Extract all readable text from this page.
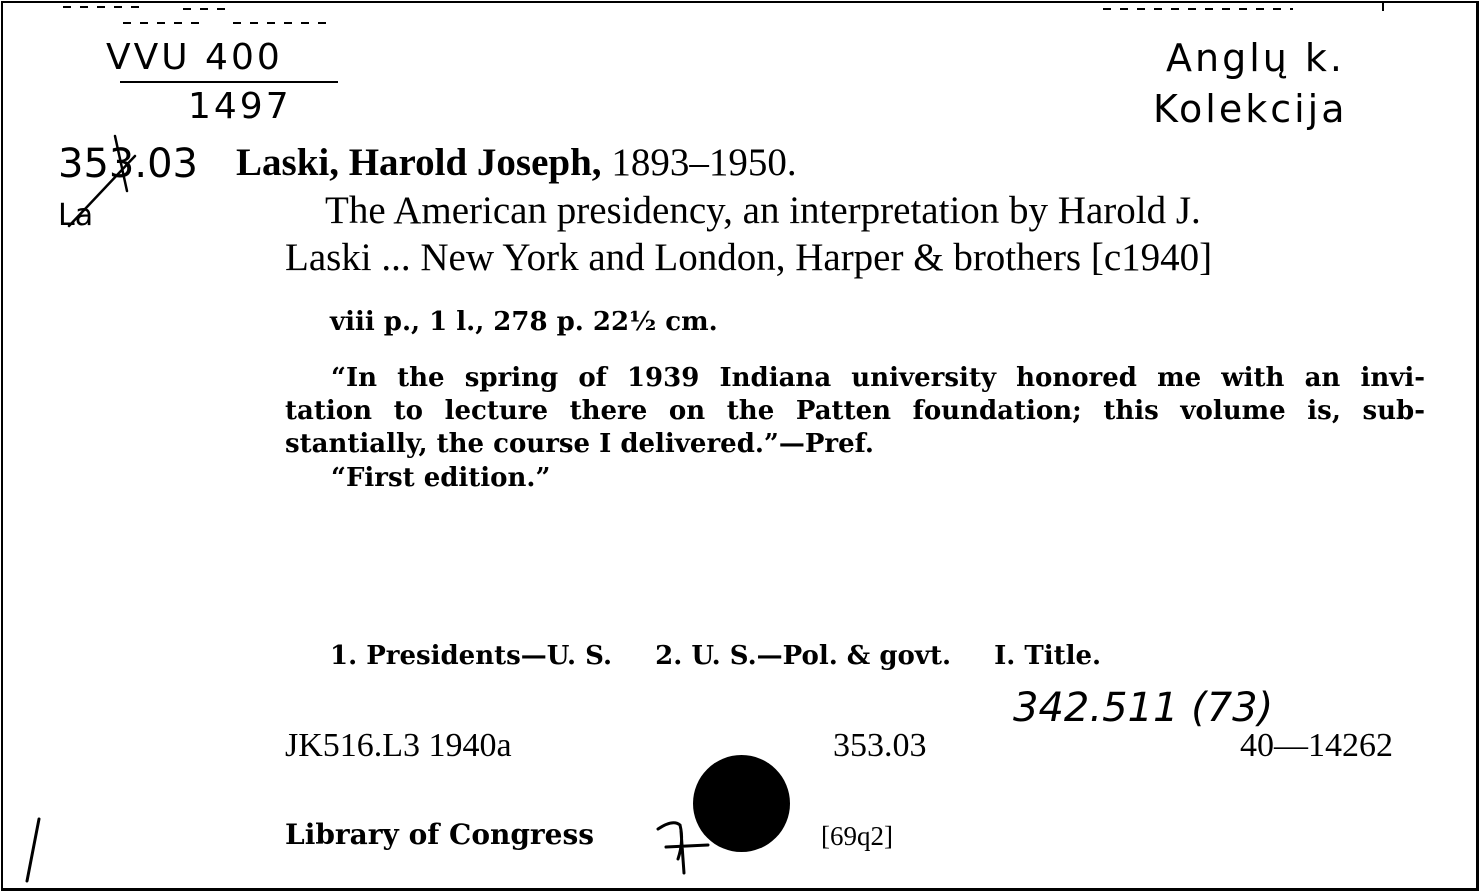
VVU 400
1497
Anglų k.
Kolekcija
353.03
La
Laski, Harold Joseph, 1893–1950.
The American presidency, an interpretation by Harold J.
Laski ... New York and London, Harper & brothers [c1940]
viii p., 1 l., 278 p. 22½ cm.

“In the spring of 1939 Indiana university honored me with an invi-

tation to lecture there on the Patten foundation; this volume is, sub-

stantially, the course I delivered.”—Pref.

“First edition.”
1. Presidents—U. S. 2. U. S.—Pol. & govt. I. Title.
JK516.L3 1940a	353.03
342.511 (73)
40—14262
Library of Congress	[69q2]
